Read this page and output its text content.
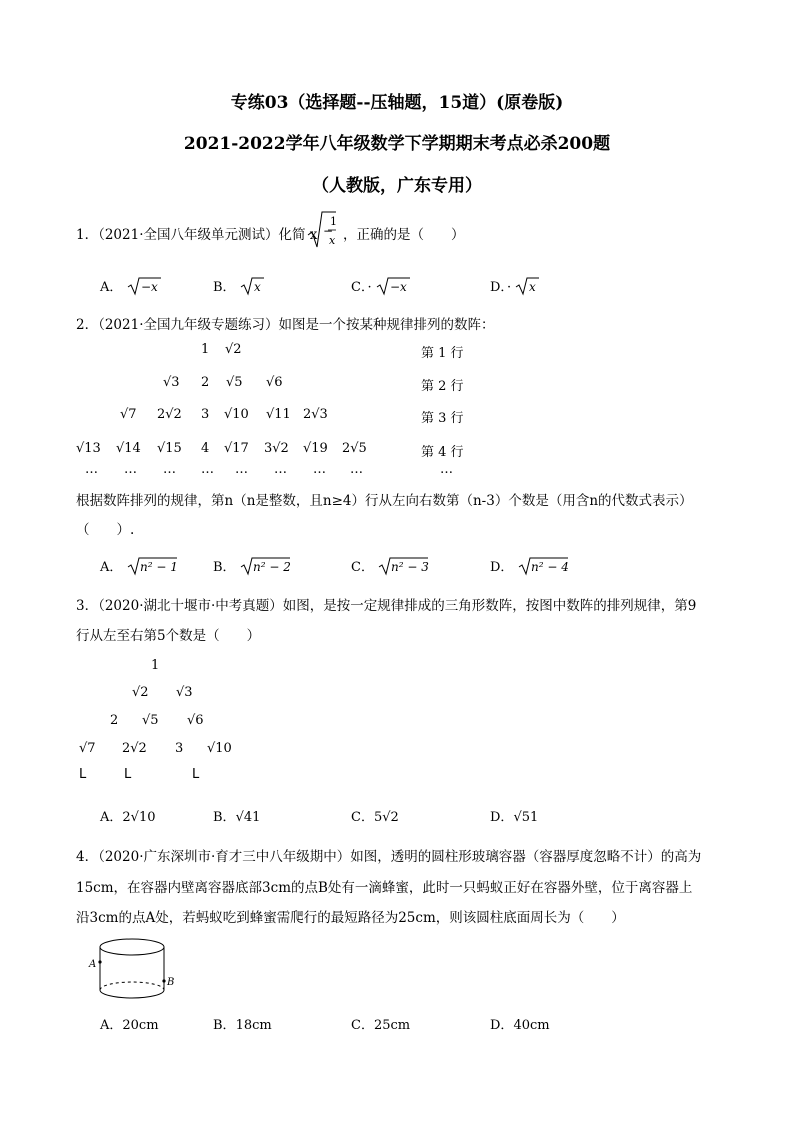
专练03（选择题--压轴题，15道）(原卷版)
2021-2022学年八年级数学下学期期末考点必杀200题
（人教版，广东专用）
1．（2021·全国八年级单元测试）化简 x −
1
x ，正确的是（　　）
A． −x	B． x	C．· −x	D．· x
2．（2021·全国九年级专题练习）如图是一个按某种规律排列的数阵：
1 √2	第 1 行
√3 2 √5 √6	第 2 行
√7 2√2 3 √10 √11 2√3	第 3 行
√13 √14 √15 4 √17 3√2 √19 2√5	第 4 行
… … … … … … … …	…
根据数阵排列的规律，第n（n是整数，且n≥4）行从左向右数第（n-3）个数是（用含n的代数式表示）
（　　）.
A． n² − 1	B． n² − 2	C． n² − 3	D． n² − 4
3．（2020·湖北十堰市·中考真题）如图，是按一定规律排成的三角形数阵，按图中数阵的排列规律，第9
行从左至右第5个数是（　　）
1
√2 √3
2 √5 √6
√7 2√2 3 √10
L	L	L
A．2√10	B．√41	C．5√2	D．√51
4．（2020·广东深圳市·育才三中八年级期中）如图，透明的圆柱形玻璃容器（容器厚度忽略不计）的高为
15cm，在容器内壁离容器底部3cm的点B处有一滴蜂蜜，此时一只蚂蚁正好在容器外壁，位于离容器上
沿3cm的点A处，若蚂蚁吃到蜂蜜需爬行的最短路径为25cm，则该圆柱底面周长为（　　）
A
B
A．20cm	B．18cm	C．25cm	D．40cm
